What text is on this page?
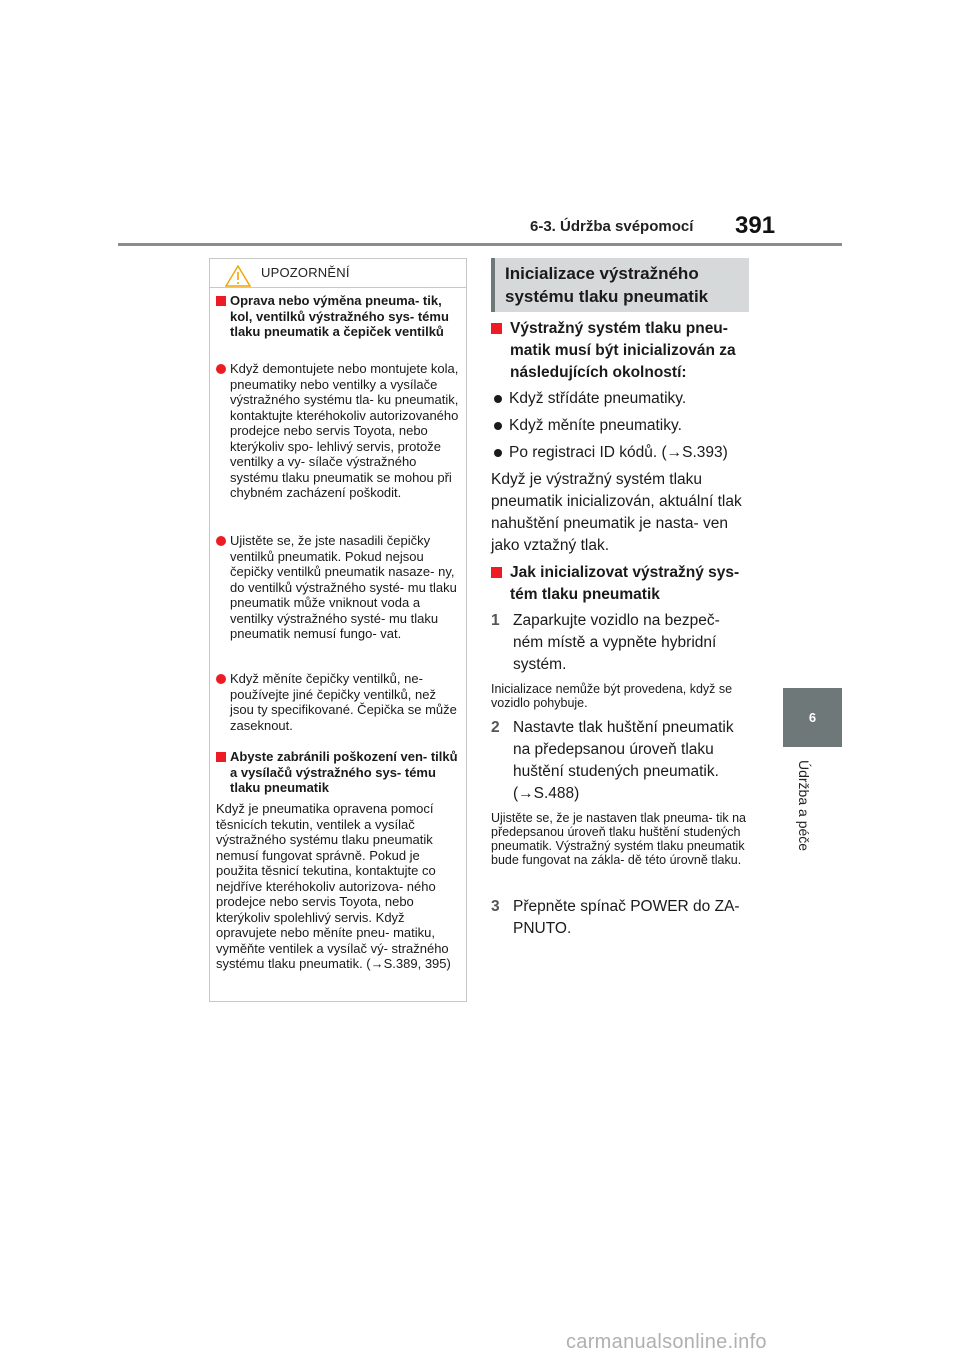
6-3. Údržba svépomocí 391
6
Údržba a péče
UPOZORNĚNÍ
Oprava nebo výměna pneuma- tik, kol, ventilků výstražného sys- tému tlaku pneumatik a čepiček ventilků
Když demontujete nebo montujete kola, pneumatiky nebo ventilky a vysílače výstražného systému tla- ku pneumatik, kontaktujte kteréhokoliv autorizovaného prodejce nebo servis Toyota, nebo kterýkoliv spo- lehlivý servis, protože ventilky a vy- sílače výstražného systému tlaku pneumatik se mohou při chybném zacházení poškodit.
Ujistěte se, že jste nasadili čepičky ventilků pneumatik. Pokud nejsou čepičky ventilků pneumatik nasaze- ny, do ventilků výstražného systé- mu tlaku pneumatik může vniknout voda a ventilky výstražného systé- mu tlaku pneumatik nemusí fungo- vat.
Když měníte čepičky ventilků, ne- používejte jiné čepičky ventilků, než jsou ty specifikované. Čepička se může zaseknout.
Abyste zabránili poškození ven- tilků a vysílačů výstražného sys- tému tlaku pneumatik
Když je pneumatika opravena pomocí těsnicích tekutin, ventilek a vysílač výstražného systému tlaku pneumatik nemusí fungovat správně. Pokud je použita těsnicí tekutina, kontaktujte co nejdříve kteréhokoliv autorizova- ného prodejce nebo servis Toyota, nebo kterýkoliv spolehlivý servis. Když opravujete nebo měníte pneu- matiku, vyměňte ventilek a vysílač vý- stražného systému tlaku pneumatik. (→S.389, 395)
Inicializace výstražného systému tlaku pneumatik
Výstražný systém tlaku pneu- matik musí být inicializován za následujících okolností:
Když střídáte pneumatiky.
Když měníte pneumatiky.
Po registraci ID kódů. (→S.393)
Když je výstražný systém tlaku pneumatik inicializován, aktuální tlak nahuštění pneumatik je nasta- ven jako vztažný tlak.
Jak inicializovat výstražný sys- tém tlaku pneumatik
1 Zaparkujte vozidlo na bezpeč- ném místě a vypněte hybridní systém.
Inicializace nemůže být provedena, když se vozidlo pohybuje.
2 Nastavte tlak huštění pneumatik na předepsanou úroveň tlaku huštění studených pneumatik. (→S.488)
Ujistěte se, že je nastaven tlak pneuma- tik na předepsanou úroveň tlaku huštění studených pneumatik. Výstražný systém tlaku pneumatik bude fungovat na zákla- dě této úrovně tlaku.
3 Přepněte spínač POWER do ZA- PNUTO.
carmanualsonline.info
